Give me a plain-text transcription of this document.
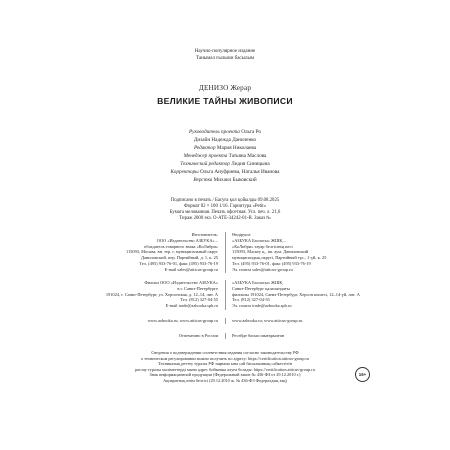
Научно-популярное издание
Танымал ғылыми басылым
ДЕНИЗО Жерар
ВЕЛИКИЕ ТАЙНЫ ЖИВОПИСИ
Руководитель проекта Ольга Ро
Дизайн Надежда Даниленко
Редактор Мария Николаева
Менеджер проекта Татьяна Маслова
Технический редактор Лидия Синицына
Корректоры Ольга Ануфриева, Наталья Иванова
Верстка Михаил Быковский
Подписано в печать / Басуға қол қойылды 09.08.2025
Формат 82 × 100 1/16. Гарнитура «Petit»
Бумага мелованная. Печать офсетная. Усл. печ. л. 21,6
Тираж 2000 экз. О-АТЕ-34242-01-R. Заказ №
Изготовитель:
ООО «Издательство АЗБУКА» –
обладатель товарного знака «КоЛибри»
115093, Москва, вн. тер. г. муниципальный округ
Даниловский, пер. Партийный, д. 1, к. 25
Тел. (495) 933-76-01, факс (495) 933-76-19
E-mail sales@atticus-group.ru
Өндіруші:
«АЗБУКА Баспасы» ЖШҚ –
«КоЛибри» тауар белгісінің иесі
115093, Мәскеу қ., іш. аум. Даниловский
муниципалдық округі, Партийный тұс., 1-үй, к. 25
Тел. (495) 933-76-01, факс (495) 933-76-19
Эл. пошта sales@atticus-group.ru
Филиал ООО «Издательство АЗБУКА»
в г. Санкт-Петербурге
191024, г. Санкт-Петербург, ул. Херсонская, д. 12–14, лит. А
Тел. (812) 327-04-55
E-mail trade@azbooka.spb.ru
«АЗБУКА Баспасы» ЖШҚ
Санкт-Петербург қаласындағы
филиалы 191024, Санкт-Петербург, Херсон көшесі, 12–14-үй, лит. А
Тел. (812) 327-04-55
Эл. пошта trade@azbooka.spb.ru
www.azbooka.ru; www.atticus-group.ru	www.azbooka.ru; www.atticus-group.ru
Отпечатано в России	Ресейде басып шығарылған
Сведения о подтверждении соответствия издания согласно законодательству РФ
о техническом регулировании можно получить по адресу: https://certification.atticus-group.ru
Техникалық реттеу туралы РФ заңнама ына сай басылымның сәйкестігін
растау туралы мәліметтерді мына адрес бойынша алуға болады: https://certification.atticus-group.ru
Знак информационной продукции (Федеральный закон № 436-ФЗ от 29.12.2010 г.)
Ақпараттық өнім белгісі (29.12.2010 ж. № 436-ФЗ Федералдық заң)
16+
